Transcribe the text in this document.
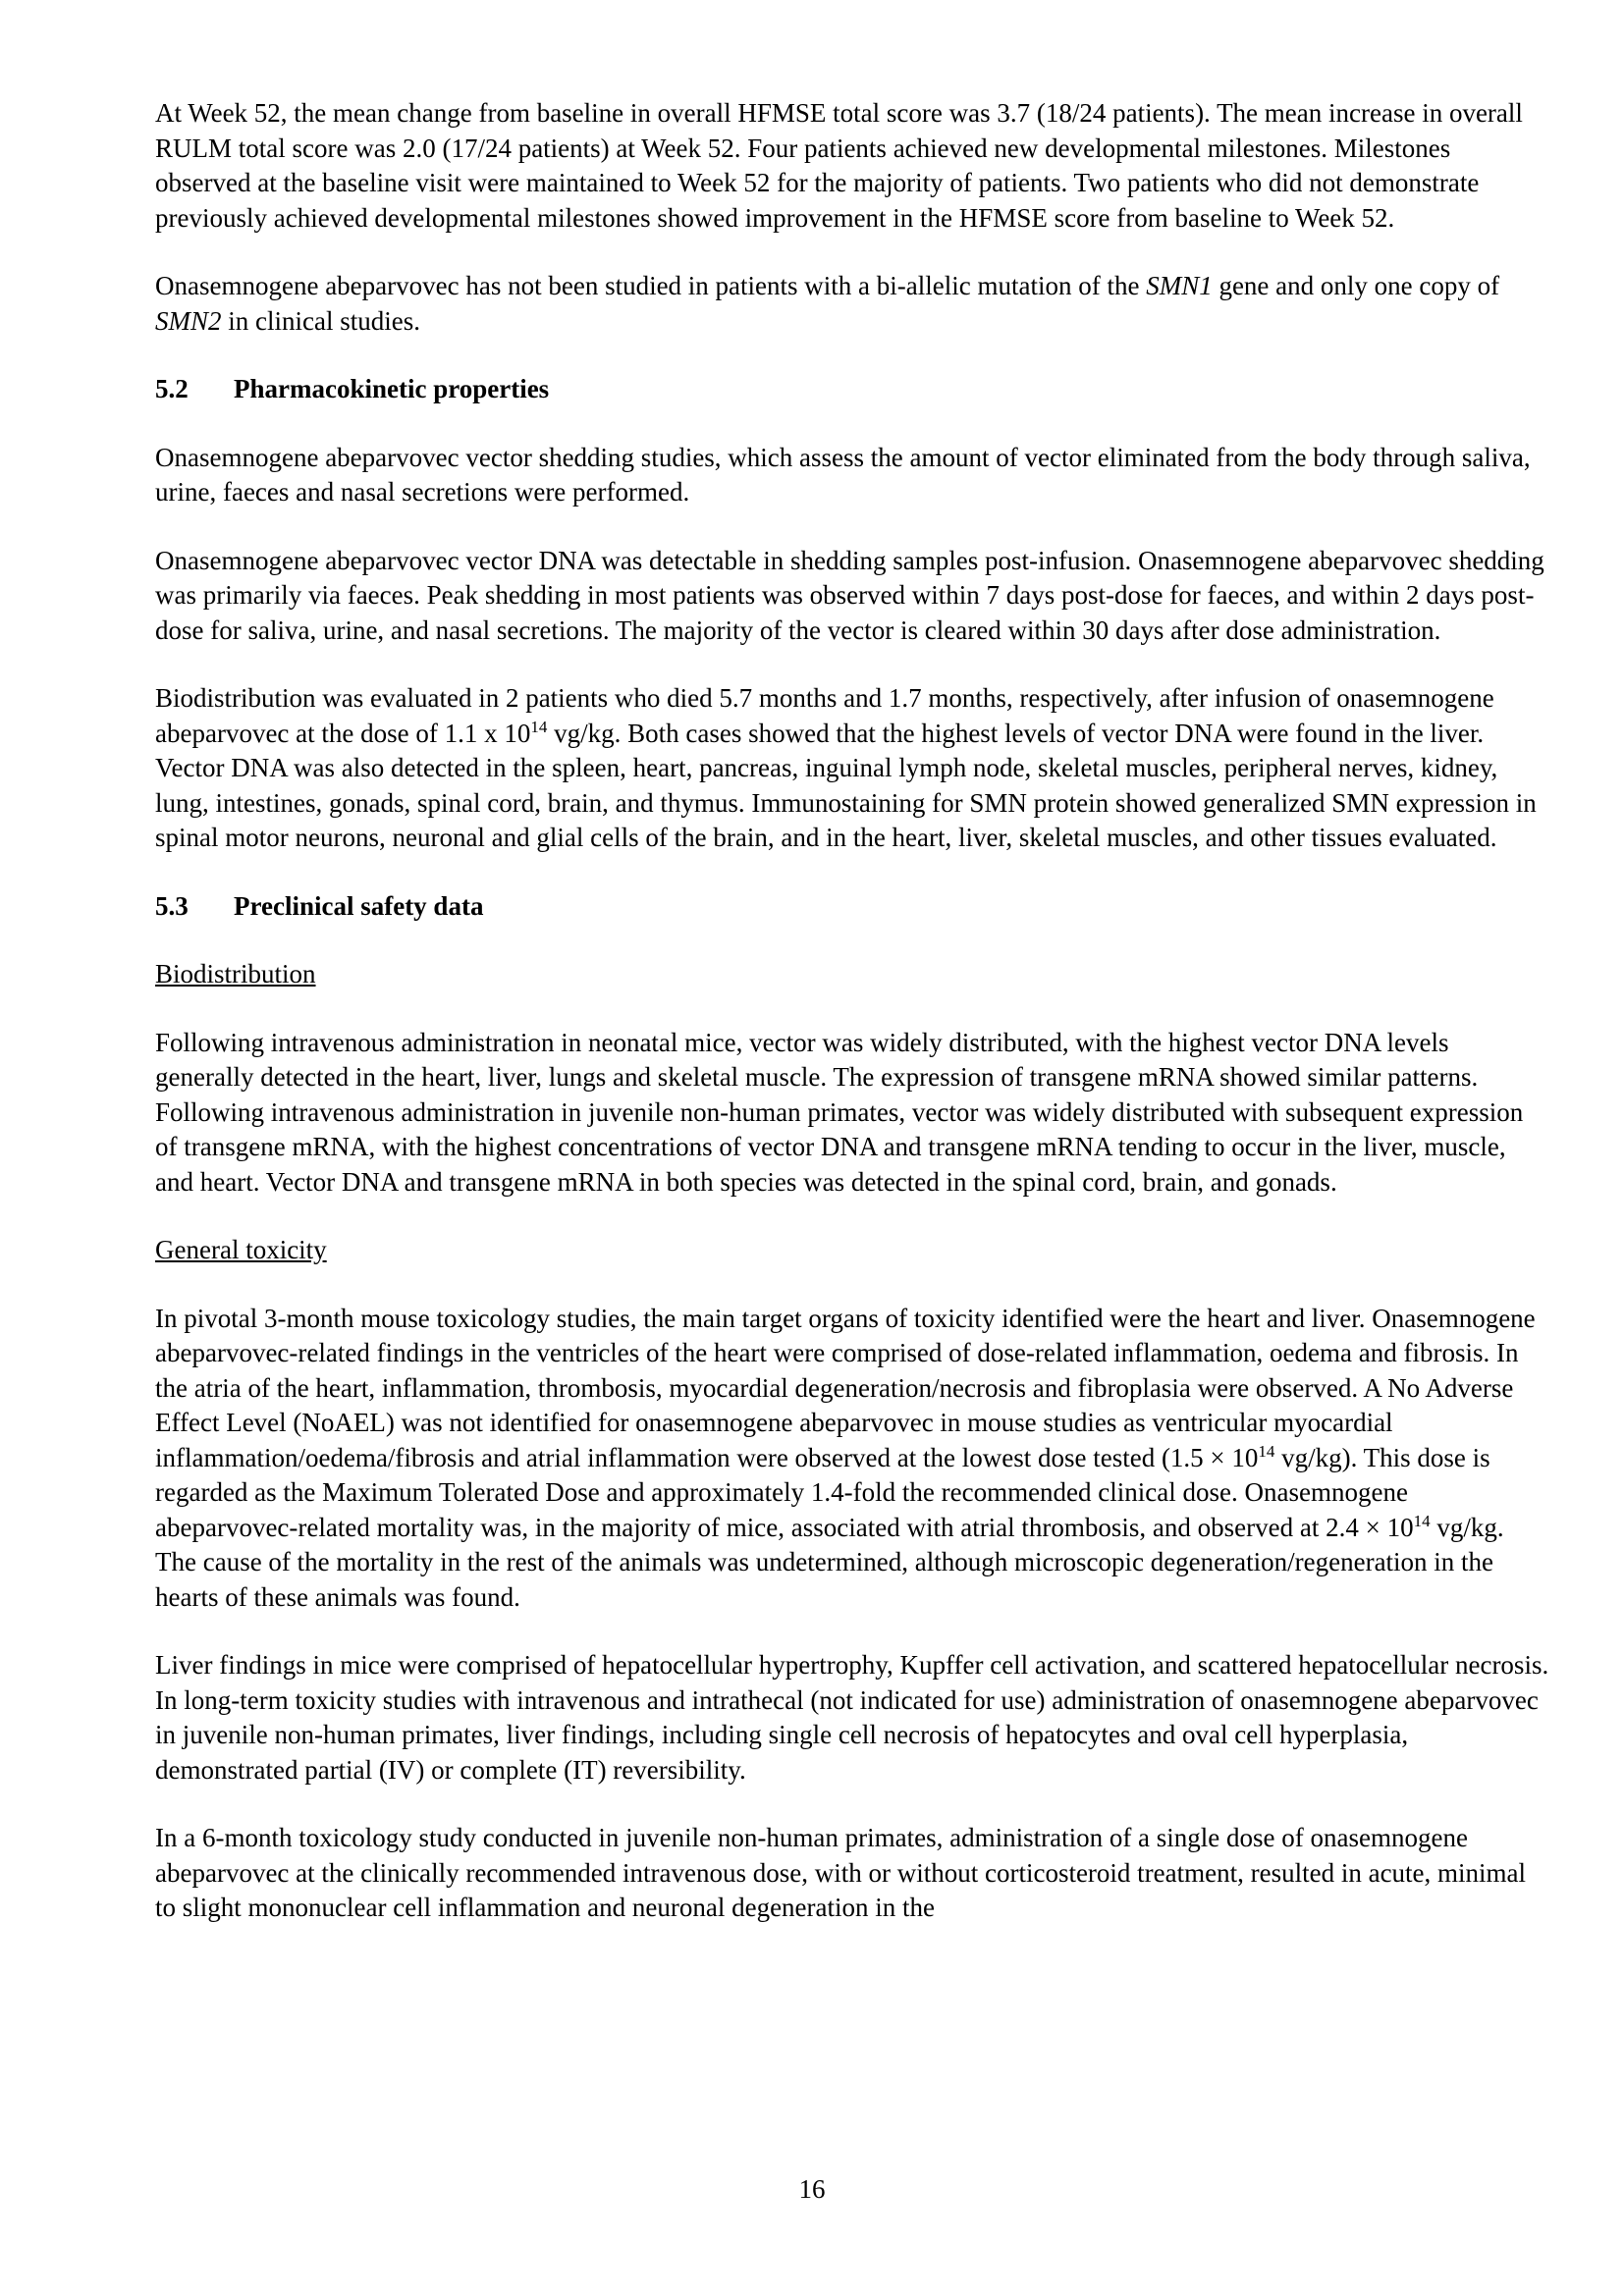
At Week 52, the mean change from baseline in overall HFMSE total score was 3.7 (18/24 patients). The mean increase in overall RULM total score was 2.0 (17/24 patients) at Week 52. Four patients achieved new developmental milestones. Milestones observed at the baseline visit were maintained to Week 52 for the majority of patients. Two patients who did not demonstrate previously achieved developmental milestones showed improvement in the HFMSE score from baseline to Week 52.

Onasemnogene abeparvovec has not been studied in patients with a bi-allelic mutation of the SMN1 gene and only one copy of SMN2 in clinical studies.

5.2 Pharmacokinetic properties

Onasemnogene abeparvovec vector shedding studies, which assess the amount of vector eliminated from the body through saliva, urine, faeces and nasal secretions were performed.

Onasemnogene abeparvovec vector DNA was detectable in shedding samples post-infusion. Onasemnogene abeparvovec shedding was primarily via faeces. Peak shedding in most patients was observed within 7 days post-dose for faeces, and within 2 days post-dose for saliva, urine, and nasal secretions. The majority of the vector is cleared within 30 days after dose administration.

Biodistribution was evaluated in 2 patients who died 5.7 months and 1.7 months, respectively, after infusion of onasemnogene abeparvovec at the dose of 1.1 x $10^{14}$ vg/kg. Both cases showed that the highest levels of vector DNA were found in the liver. Vector DNA was also detected in the spleen, heart, pancreas, inguinal lymph node, skeletal muscles, peripheral nerves, kidney, lung, intestines, gonads, spinal cord, brain, and thymus. Immunostaining for SMN protein showed generalized SMN expression in spinal motor neurons, neuronal and glial cells of the brain, and in the heart, liver, skeletal muscles, and other tissues evaluated.

5.3 Preclinical safety data

Biodistribution

Following intravenous administration in neonatal mice, vector was widely distributed, with the highest vector DNA levels generally detected in the heart, liver, lungs and skeletal muscle. The expression of transgene mRNA showed similar patterns. Following intravenous administration in juvenile non-human primates, vector was widely distributed with subsequent expression of transgene mRNA, with the highest concentrations of vector DNA and transgene mRNA tending to occur in the liver, muscle, and heart. Vector DNA and transgene mRNA in both species was detected in the spinal cord, brain, and gonads.

General toxicity

In pivotal 3-month mouse toxicology studies, the main target organs of toxicity identified were the heart and liver. Onasemnogene abeparvovec-related findings in the ventricles of the heart were comprised of dose-related inflammation, oedema and fibrosis. In the atria of the heart, inflammation, thrombosis, myocardial degeneration/necrosis and fibroplasia were observed. A No Adverse Effect Level (NoAEL) was not identified for onasemnogene abeparvovec in mouse studies as ventricular myocardial inflammation/oedema/fibrosis and atrial inflammation were observed at the lowest dose tested ($1.5 \times 10^{14}$ vg/kg). This dose is regarded as the Maximum Tolerated Dose and approximately 1.4-fold the recommended clinical dose. Onasemnogene abeparvovec-related mortality was, in the majority of mice, associated with atrial thrombosis, and observed at $2.4 \times 10^{14}$ vg/kg. The cause of the mortality in the rest of the animals was undetermined, although microscopic degeneration/regeneration in the hearts of these animals was found.

Liver findings in mice were comprised of hepatocellular hypertrophy, Kupffer cell activation, and scattered hepatocellular necrosis. In long-term toxicity studies with intravenous and intrathecal (not indicated for use) administration of onasemnogene abeparvovec in juvenile non-human primates, liver findings, including single cell necrosis of hepatocytes and oval cell hyperplasia, demonstrated partial (IV) or complete (IT) reversibility.

In a 6-month toxicology study conducted in juvenile non-human primates, administration of a single dose of onasemnogene abeparvovec at the clinically recommended intravenous dose, with or without corticosteroid treatment, resulted in acute, minimal to slight mononuclear cell inflammation and neuronal degeneration in the

16
